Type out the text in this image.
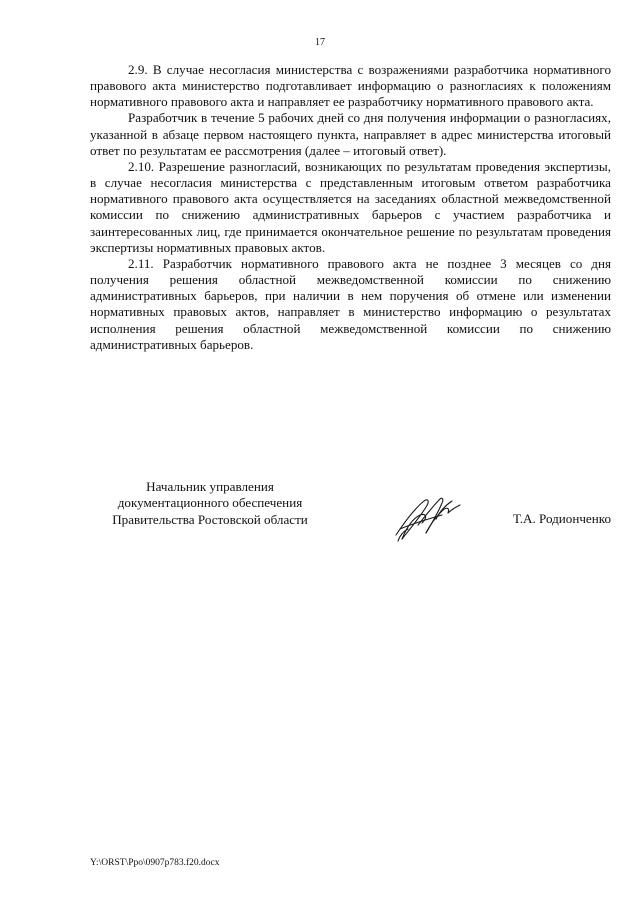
17

2.9. В случае несогласия министерства с возражениями разработчика нормативного правового акта министерство подготавливает информацию о разногласиях к положениям нормативного правового акта и направляет ее разработчику нормативного правового акта.

Разработчик в течение 5 рабочих дней со дня получения информации о разногласиях, указанной в абзаце первом настоящего пункта, направляет в адрес министерства итоговый ответ по результатам ее рассмотрения (далее – итоговый ответ).

2.10. Разрешение разногласий, возникающих по результатам проведения экспертизы, в случае несогласия министерства с представленным итоговым ответом разработчика нормативного правового акта осуществляется на заседаниях областной межведомственной комиссии по снижению административных барьеров с участием разработчика и заинтересованных лиц, где принимается окончательное решение по результатам проведения экспертизы нормативных правовых актов.

2.11. Разработчик нормативного правового акта не позднее 3 месяцев со дня получения решения областной межведомственной комиссии по снижению административных барьеров, при наличии в нем поручения об отмене или изменении нормативных правовых актов, направляет в министерство информацию о результатах исполнения решения областной межведомственной комиссии по снижению административных барьеров.

Начальник управления
документационного обеспечения
Правительства Ростовской области	Т.А. Родионченко
Y:\ORST\Ppo\0907p783.f20.docx
